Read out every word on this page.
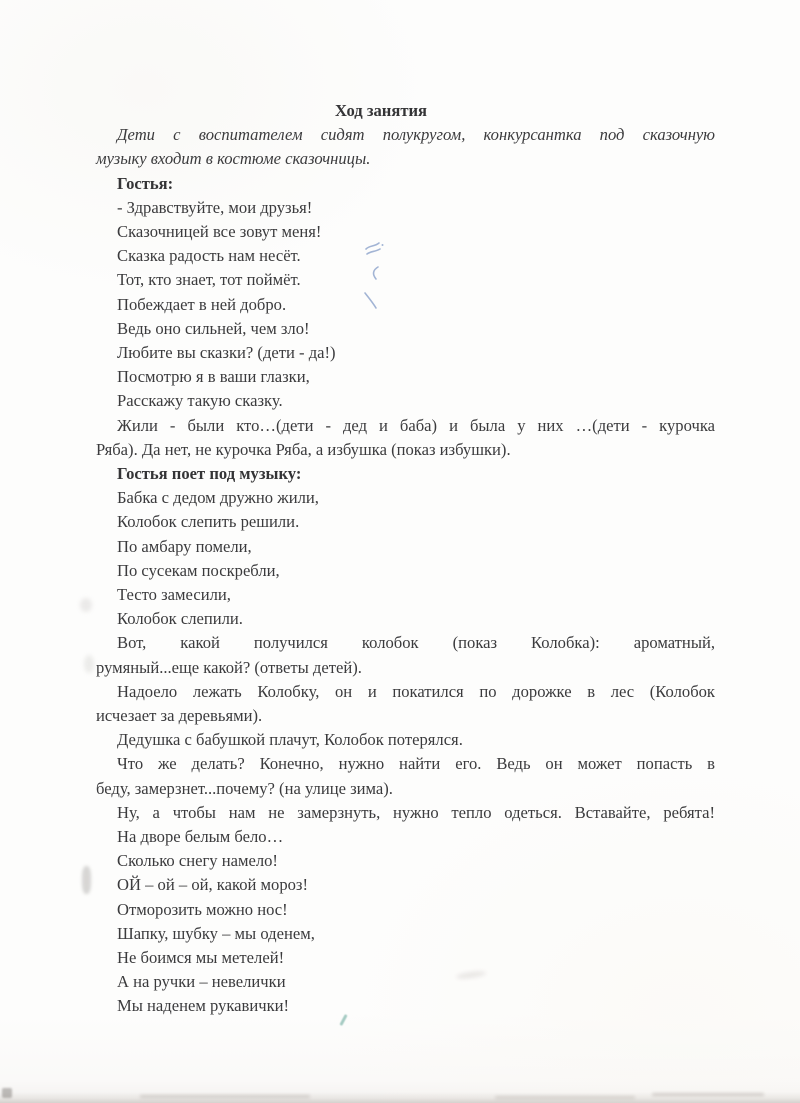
Ход занятия
Дети с воспитателем сидят полукругом, конкурсантка под сказочную
музыку входит в костюме сказочницы.
Гостья:
- Здравствуйте, мои друзья!
Сказочницей все зовут меня!
Сказка радость нам несёт.
Тот, кто знает, тот поймёт.
Побеждает в ней добро.
Ведь оно сильней, чем зло!
Любите вы сказки? (дети - да!)
Посмотрю я в ваши глазки,
Расскажу такую сказку.
Жили - были кто…(дети - дед и баба) и была у них …(дети - курочка
Ряба). Да нет, не курочка Ряба, а избушка (показ избушки).
Гостья поет под музыку:
Бабка с дедом дружно жили,
Колобок слепить решили.
По амбару помели,
По сусекам поскребли,
Тесто замесили,
Колобок слепили.
Вот, какой получился колобок (показ Колобка): ароматный,
румяный...еще какой? (ответы детей).
Надоело лежать Колобку, он и покатился по дорожке в лес (Колобок
исчезает за деревьями).
Дедушка с бабушкой плачут, Колобок потерялся.
Что же делать? Конечно, нужно найти его. Ведь он может попасть в
беду, замерзнет...почему? (на улице зима).
Ну, а чтобы нам не замерзнуть, нужно тепло одеться. Вставайте, ребята!
На дворе белым бело…
Сколько снегу намело!
ОЙ – ой – ой, какой мороз!
Отморозить можно нос!
Шапку, шубку – мы оденем,
Не боимся мы метелей!
А на ручки – невелички
Мы наденем рукавички!
